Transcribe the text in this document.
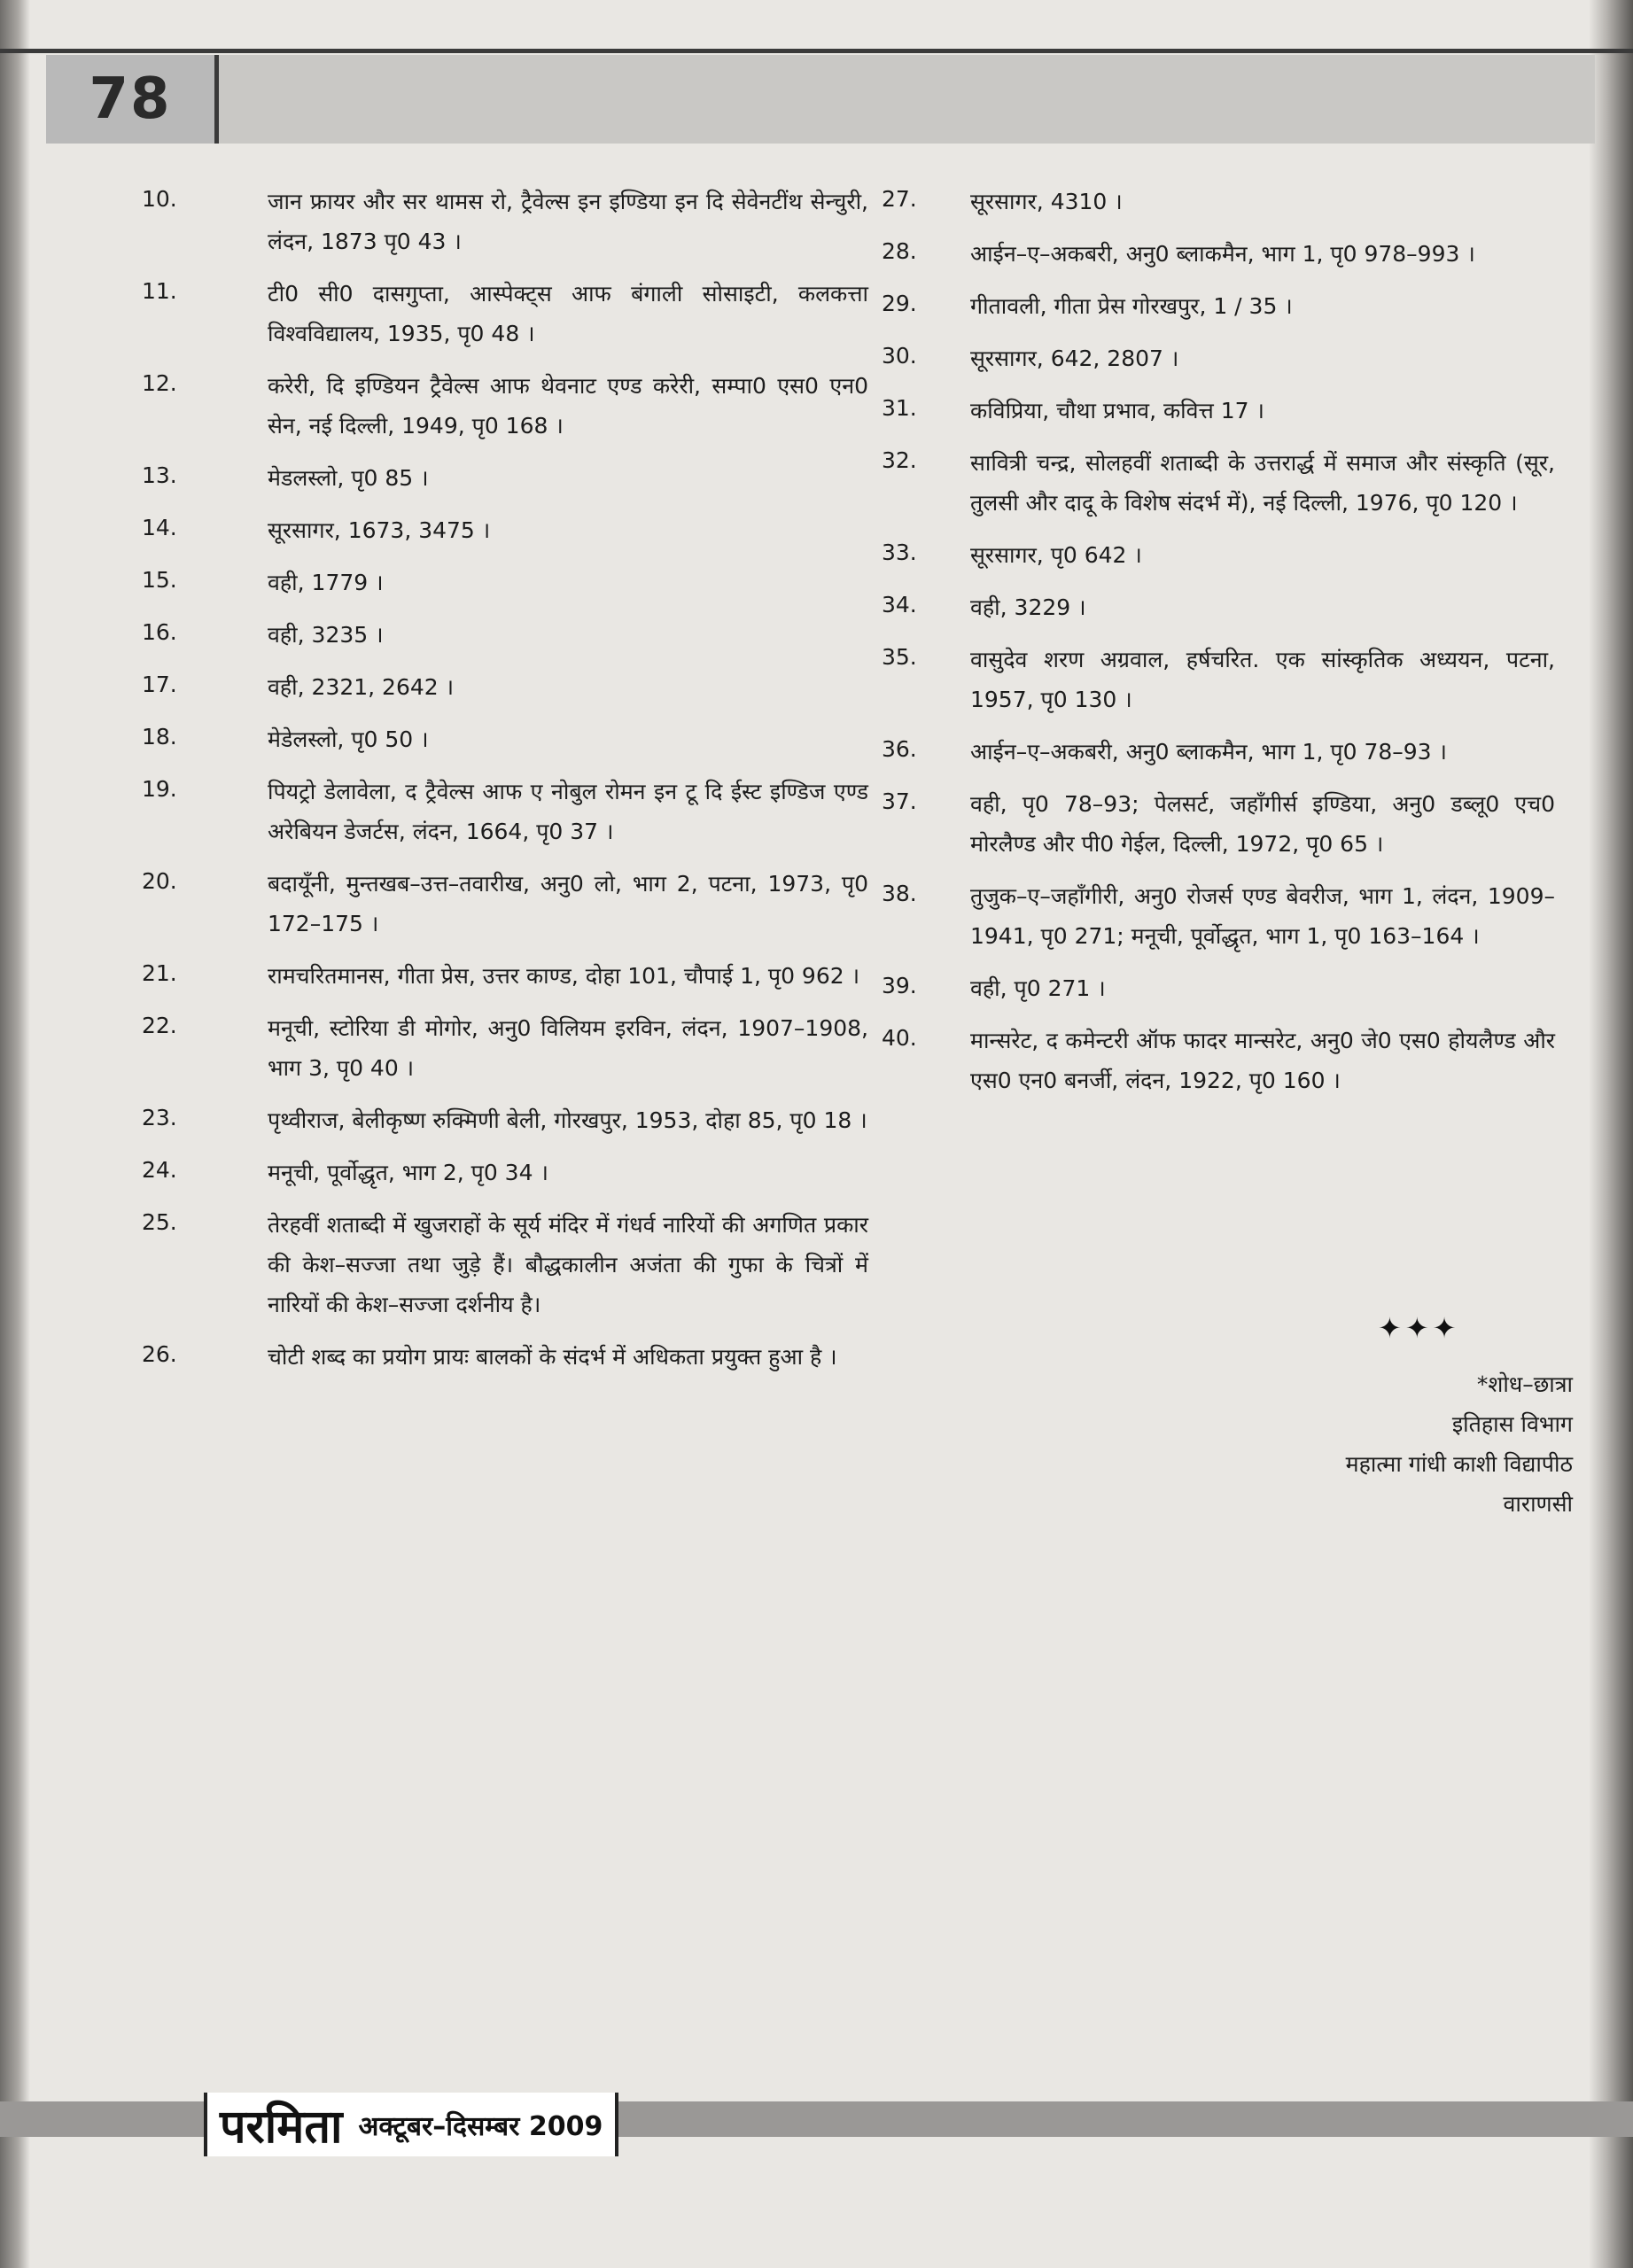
78

10.	जान फ्रायर और सर थामस रो, ट्रैवेल्स इन इण्डिया इन दि सेवेनटींथ सेन्चुरी, लंदन, 1873 पृ0 43 ।
11.	टी0 सी0 दासगुप्ता, आस्पेक्ट्स आफ बंगाली सोसाइटी, कलकत्ता विश्वविद्यालय, 1935, पृ0 48 ।
12.	करेरी, दि इण्डियन ट्रैवेल्स आफ थेवनाट एण्ड करेरी, सम्पा0 एस0 एन0 सेन, नई दिल्ली, 1949, पृ0 168 ।
13.	मेडलस्लो, पृ0 85 ।
14.	सूरसागर, 1673, 3475 ।
15.	वही, 1779 ।
16.	वही, 3235 ।
17.	वही, 2321, 2642 ।
18.	मेडेलस्लो, पृ0 50 ।
19.	पियट्रो डेलावेला, द ट्रैवेल्स आफ ए नोबुल रोमन इन टू दि ईस्ट इण्डिज एण्ड अरेबियन डेजर्टस, लंदन, 1664, पृ0 37 ।
20.	बदायूँनी, मुन्तखब–उत्त–तवारीख, अनु0 लो, भाग 2, पटना, 1973, पृ0 172–175 ।
21.	रामचरितमानस, गीता प्रेस, उत्तर काण्ड, दोहा 101, चौपाई 1, पृ0 962 ।
22.	मनूची, स्टोरिया डी मोगोर, अनु0 विलियम इरविन, लंदन, 1907–1908, भाग 3, पृ0 40 ।
23.	पृथ्वीराज, बेलीकृष्ण रुक्मिणी बेली, गोरखपुर, 1953, दोहा 85, पृ0 18 ।
24.	मनूची, पूर्वोद्धृत, भाग 2, पृ0 34 ।
25.	तेरहवीं शताब्दी में खुजराहों के सूर्य मंदिर में गंधर्व नारियों की अगणित प्रकार की केश–सज्जा तथा जुड़े हैं। बौद्धकालीन अजंता की गुफा के चित्रों में नारियों की केश–सज्जा दर्शनीय है।
26.	चोटी शब्द का प्रयोग प्रायः बालकों के संदर्भ में अधिकता प्रयुक्त हुआ है ।
27.	सूरसागर, 4310 ।
28.	आईन–ए–अकबरी, अनु0 ब्लाकमैन, भाग 1, पृ0 978–993 ।
29.	गीतावली, गीता प्रेस गोरखपुर, 1 / 35 ।
30.	सूरसागर, 642, 2807 ।
31.	कविप्रिया, चौथा प्रभाव, कवित्त 17 ।
32.	सावित्री चन्द्र, सोलहवीं शताब्दी के उत्तरार्द्ध में समाज और संस्कृति (सूर, तुलसी और दादू के विशेष संदर्भ में), नई दिल्ली, 1976, पृ0 120 ।
33.	सूरसागर, पृ0 642 ।
34.	वही, 3229 ।
35.	वासुदेव शरण अग्रवाल, हर्षचरित. एक सांस्कृतिक अध्ययन, पटना, 1957, पृ0 130 ।
36.	आईन–ए–अकबरी, अनु0 ब्लाकमैन, भाग 1, पृ0 78–93 ।
37.	वही, पृ0 78–93; पेलसर्ट, जहाँगीर्स इण्डिया, अनु0 डब्लू0 एच0 मोरलैण्ड और पी0 गेईल, दिल्ली, 1972, पृ0 65 ।
38.	तुजुक–ए–जहाँगीरी, अनु0 रोजर्स एण्ड बेवरीज, भाग 1, लंदन, 1909–1941, पृ0 271; मनूची, पूर्वोद्धृत, भाग 1, पृ0 163–164 ।
39.	वही, पृ0 271 ।
40.	मान्सरेट, द कमेन्टरी ऑफ फादर मान्सरेट, अनु0 जे0 एस0 होयलैण्ड और एस0 एन0 बनर्जी, लंदन, 1922, पृ0 160 ।
✦✦✦
*शोध–छात्रा
इतिहास विभाग
महात्मा गांधी काशी विद्यापीठ
वाराणसी
परमिता अक्टूबर–दिसम्बर 2009
